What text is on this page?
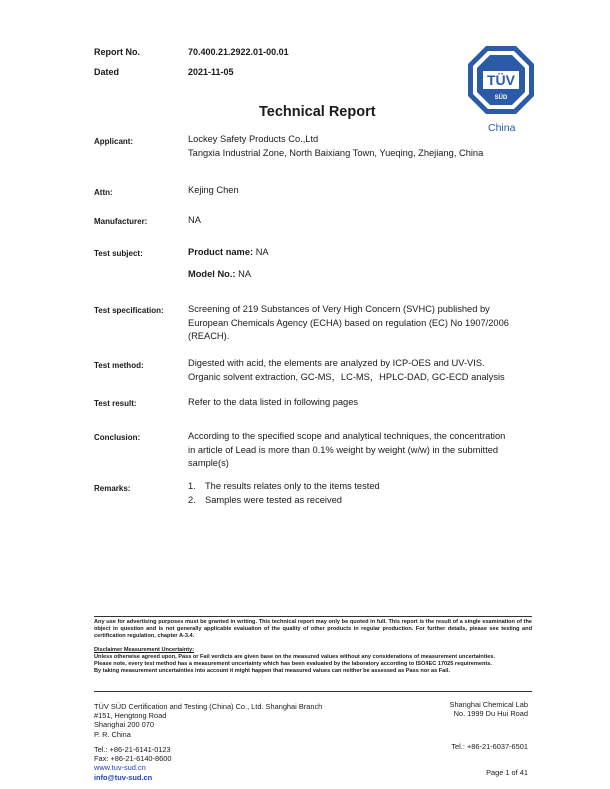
Report No.	70.400.21.2922.01-00.01
Dated	2021-11-05	TÜV
SÜD
China
Technical Report
Applicant:	Lockey Safety Products Co.,Ltd
Tangxia Industrial Zone, North Baixiang Town, Yueqing, Zhejiang, China
Attn:	Kejing Chen
Manufacturer:	NA
Test subject:	Product name: NA
Model No.: NA
Test specification:	Screening of 219 Substances of Very High Concern (SVHC) published by
European Chemicals Agency (ECHA) based on regulation (EC) No 1907/2006
(REACH).
Test method:	Digested with acid, the elements are analyzed by ICP-OES and UV-VIS.
Organic solvent extraction, GC-MS，LC-MS，HPLC-DAD, GC-ECD analysis
Test result:	Refer to the data listed in following pages
Conclusion:	According to the specified scope and analytical techniques, the concentration
in article of Lead is more than 0.1% weight by weight (w/w) in the submitted
sample(s)
Remarks:	1. The results relates only to the items tested
2. Samples were tested as received
Any use for advertising purposes must be granted in writing. This technical report may only be quoted in full. This report is the result of a single examination of the object in question and is not generally applicable evaluation of the quality of other products in regular production. For further details, please see testing and certification regulation, chapter A-3.4.
Disclaimer Measurement Uncertainty:
Unless otherwise agreed upon, Pass or Fail verdicts are given base on the measured values without any considerations of measurement uncertainties.
Please note, every test method has a measurement uncertainty which has been evaluated by the laboratory according to ISO/IEC 17025 requirements.
By taking measurement uncertainties into account it might happen that measured values can neither be assessed as Pass nor as Fail.
TÜV SÜD Certification and Testing (China) Co., Ltd. Shanghai Branch
#151, Hengtong Road
Shanghai 200 070
P. R. China
Tel.: +86-21-6141-0123
Fax: +86-21-6140-8600
www.tuv-sud.cn
info@tuv-sud.cn
Shanghai Chemical Lab
No. 1999 Du Hui Road
Tel.: +86-21-6037-6501
Page 1 of 41
